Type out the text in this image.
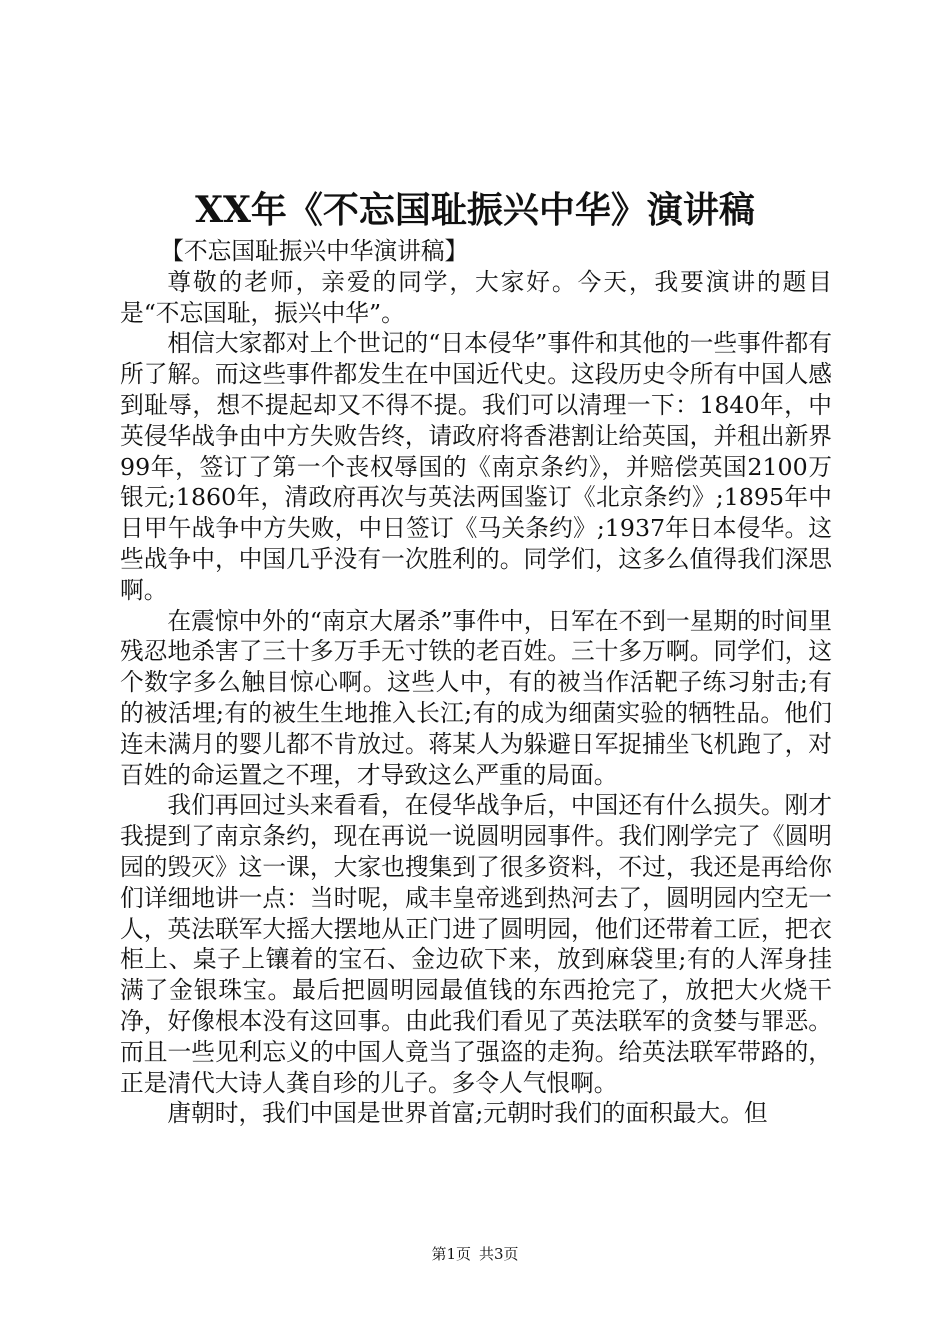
XX年《不忘国耻振兴中华》演讲稿

【不忘国耻振兴中华演讲稿】

尊敬的老师，亲爱的同学，大家好。今天，我要演讲的题目是“不忘国耻，振兴中华”。

相信大家都对上个世记的“日本侵华”事件和其他的一些事件都有所了解。而这些事件都发生在中国近代史。这段历史令所有中国人感到耻辱，想不提起却又不得不提。我们可以清理一下：1840年，中英侵华战争由中方失败告终，请政府将香港割让给英国，并租出新界99年，签订了第一个丧权辱国的《南京条约》，并赔偿英国2100万银元;1860年，清政府再次与英法两国鉴订《北京条约》;1895年中日甲午战争中方失败，中日签订《马关条约》;1937年日本侵华。这些战争中，中国几乎没有一次胜利的。同学们，这多么值得我们深思啊。

在震惊中外的“南京大屠杀”事件中，日军在不到一星期的时间里残忍地杀害了三十多万手无寸铁的老百姓。三十多万啊。同学们，这个数字多么触目惊心啊。这些人中，有的被当作活靶子练习射击;有的被活埋;有的被生生地推入长江;有的成为细菌实验的牺牲品。他们连未满月的婴儿都不肯放过。蒋某人为躲避日军捉捕坐飞机跑了，对百姓的命运置之不理，才导致这么严重的局面。

我们再回过头来看看，在侵华战争后，中国还有什么损失。刚才我提到了南京条约，现在再说一说圆明园事件。我们刚学完了《圆明园的毁灭》这一课，大家也搜集到了很多资料，不过，我还是再给你们详细地讲一点：当时呢，咸丰皇帝逃到热河去了，圆明园内空无一人，英法联军大摇大摆地从正门进了圆明园，他们还带着工匠，把衣柜上、桌子上镶着的宝石、金边砍下来，放到麻袋里;有的人浑身挂满了金银珠宝。最后把圆明园最值钱的东西抢完了，放把大火烧干净，好像根本没有这回事。由此我们看见了英法联军的贪婪与罪恶。而且一些见利忘义的中国人竟当了强盗的走狗。给英法联军带路的，正是清代大诗人龚自珍的儿子。多令人气恨啊。

唐朝时，我们中国是世界首富;元朝时我们的面积最大。但

第1页 共3页
